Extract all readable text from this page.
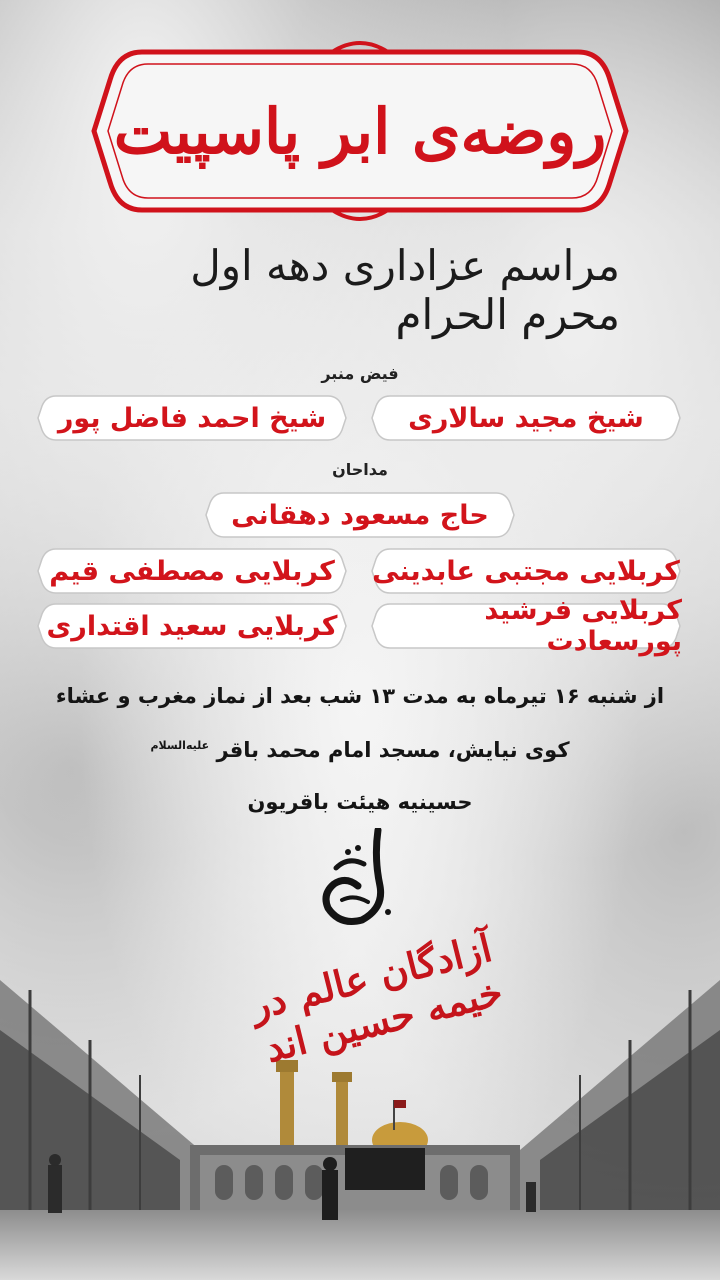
روضه‌ی ابر پاسپیت
مراسم عزاداری دهه اول محرم الحرام
فیض منبر
شیخ مجید سالاری
شیخ احمد فاضل پور
مداحان
حاج مسعود دهقانی
کربلایی مجتبی عابدینی
کربلایی مصطفی قیم
کربلایی فرشید پورسعادت
کربلایی سعید اقتداری
از شنبه ۱۶ تیرماه به مدت ۱۳ شب بعد از نماز مغرب و عشاء
کوی نیایش، مسجد امام محمد باقر $^{علیه‌السلام}$
حسینیه هیئت باقریون
آزادگان عالم در خیمه حسین اند
